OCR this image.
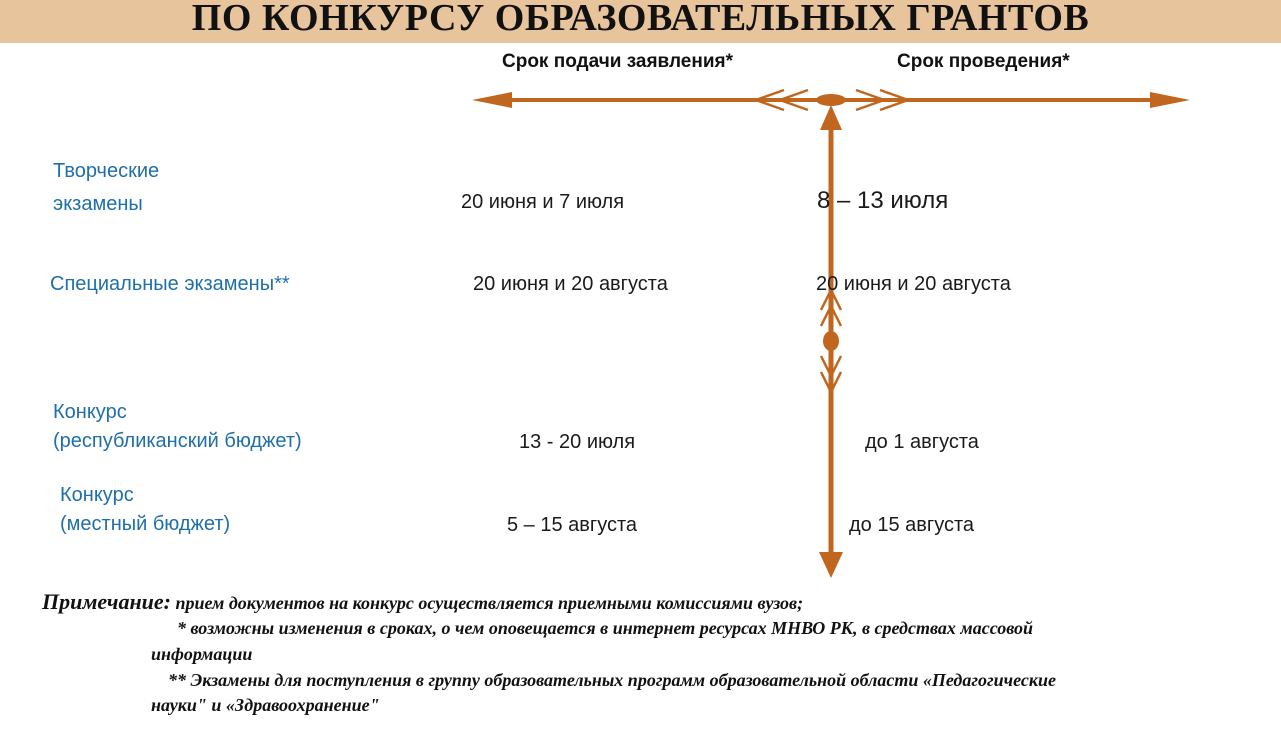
ПО КОНКУРСУ ОБРАЗОВАТЕЛЬНЫХ ГРАНТОВ
Срок подачи заявления*	Срок проведения*
Творческие
экзамены	20 июня и 7 июля	8 – 13 июля
Специальные экзамены**	20 июня и 20 августа	20 июня и 20 августа
Конкурс
(республиканский бюджет)	13 - 20 июля	до 1 августа
Конкурс
(местный бюджет)	5 – 15 августа	до 15 августа
Примечание: прием документов на конкурс осуществляется приемными комиссиями вузов;
* возможны изменения в сроках, о чем оповещается в интернет ресурсах МНВО РК, в средствах массовой
информации
** Экзамены для поступления в группу образовательных программ образовательной области «Педагогические
науки" и «Здравоохранение"
